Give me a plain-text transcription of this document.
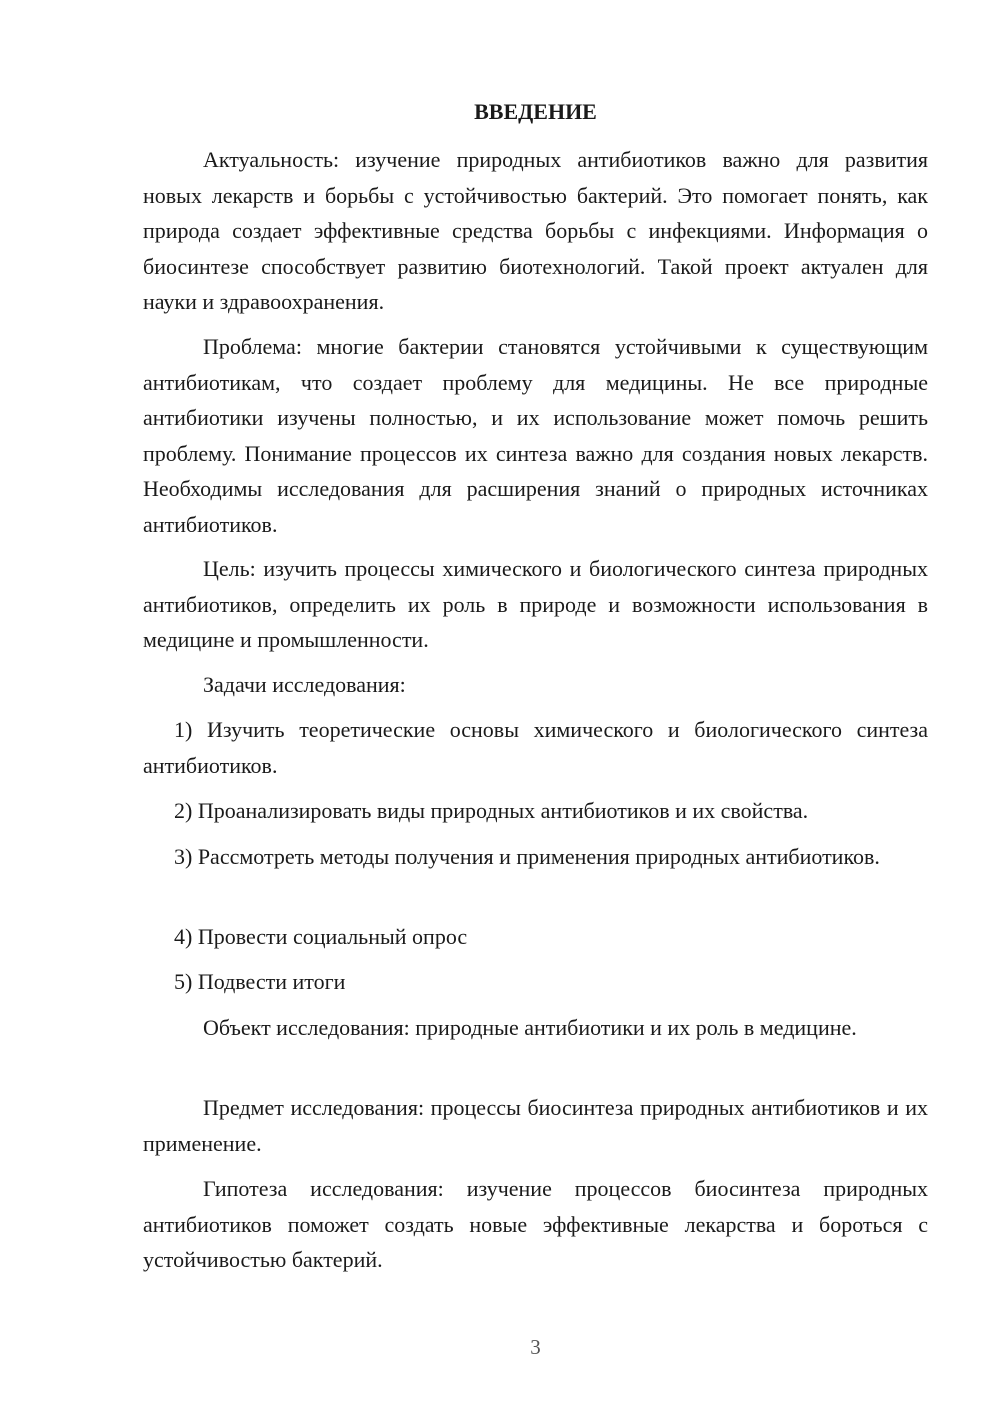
ВВЕДЕНИЕ

Актуальность: изучение природных антибиотиков важно для развития новых лекарств и борьбы с устойчивостью бактерий. Это помогает понять, как природа создает эффективные средства борьбы с инфекциями. Информация о биосинтезе способствует развитию биотехнологий. Такой проект актуален для науки и здравоохранения.

Проблема: многие бактерии становятся устойчивыми к существующим антибиотикам, что создает проблему для медицины. Не все природные антибиотики изучены полностью, и их использование может помочь решить проблему. Понимание процессов их синтеза важно для создания новых лекарств. Необходимы исследования для расширения знаний о природных источниках антибиотиков.

Цель: изучить процессы химического и биологического синтеза природных антибиотиков, определить их роль в природе и возможности использования в медицине и промышленности.

Задачи исследования:

1) Изучить теоретические основы химического и биологического синтеза антибиотиков.

2) Проанализировать виды природных антибиотиков и их свойства.

3) Рассмотреть методы получения и применения природных антибиотиков.

4) Провести социальный опрос

5) Подвести итоги

Объект исследования: природные антибиотики и их роль в медицине.

Предмет исследования: процессы биосинтеза природных антибиотиков и их применение.

Гипотеза исследования: изучение процессов биосинтеза природных антибиотиков поможет создать новые эффективные лекарства и бороться с устойчивостью бактерий.

3
